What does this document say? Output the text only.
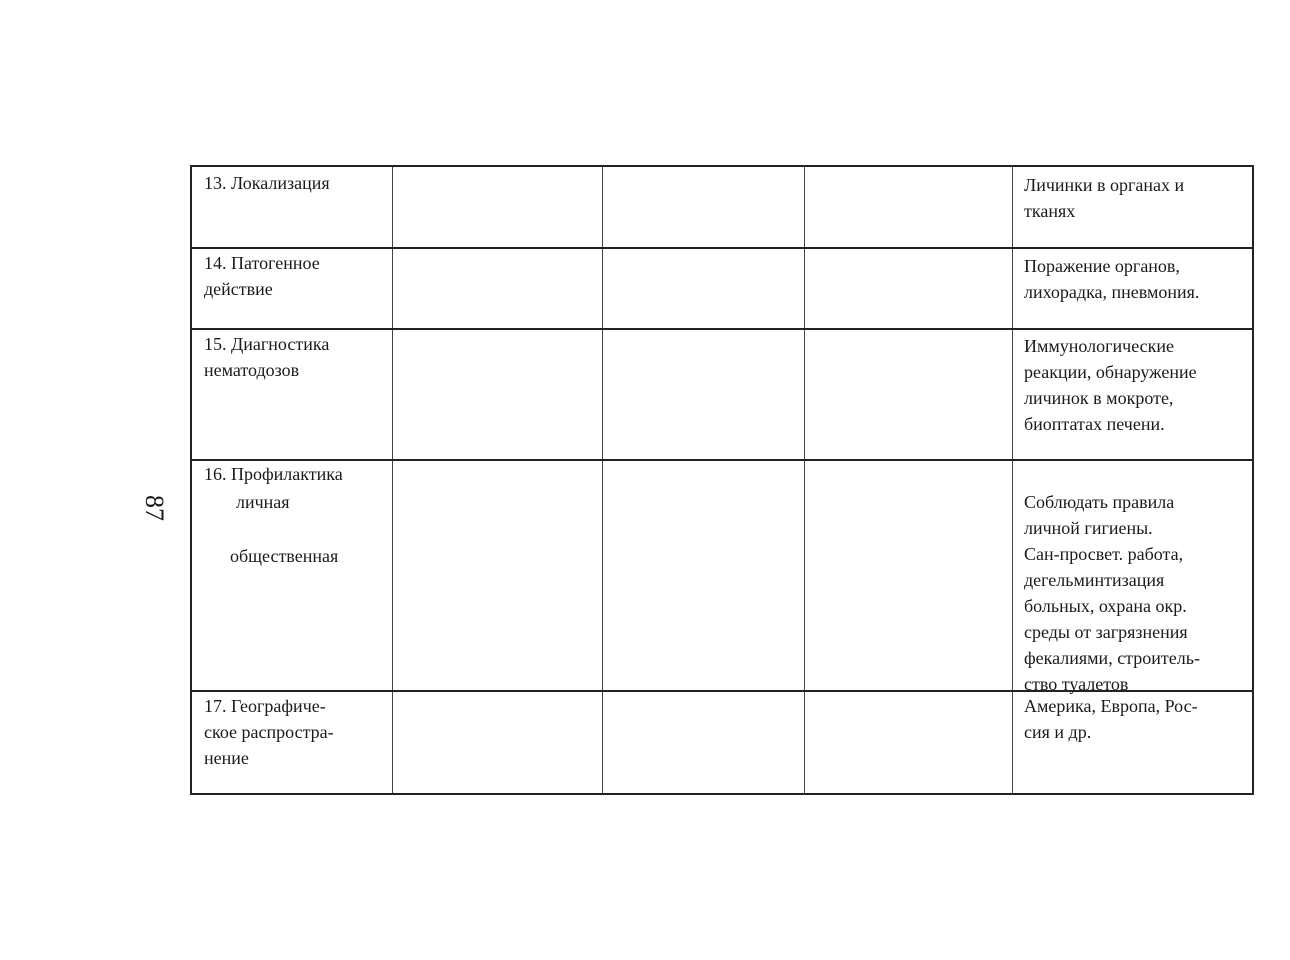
87
13. Локализация	Личинки в органах и
тканях
14. Патогенное
действие
Поражение органов,
лихорадка, пневмония.
15. Диагностика
нематодозов
Иммунологические
реакции, обнаружение
личинок в мокроте,
биоптатах печени.
16. Профилактика
личная
общественная
Соблюдать правила
личной гигиены.
Сан-просвет. работа,
дегельминтизация
больных, охрана окр.
среды от загрязнения
фекалиями, строитель-
ство туалетов
17. Географиче-
ское распростра-
нение
Америка, Европа, Рос-
сия и др.
